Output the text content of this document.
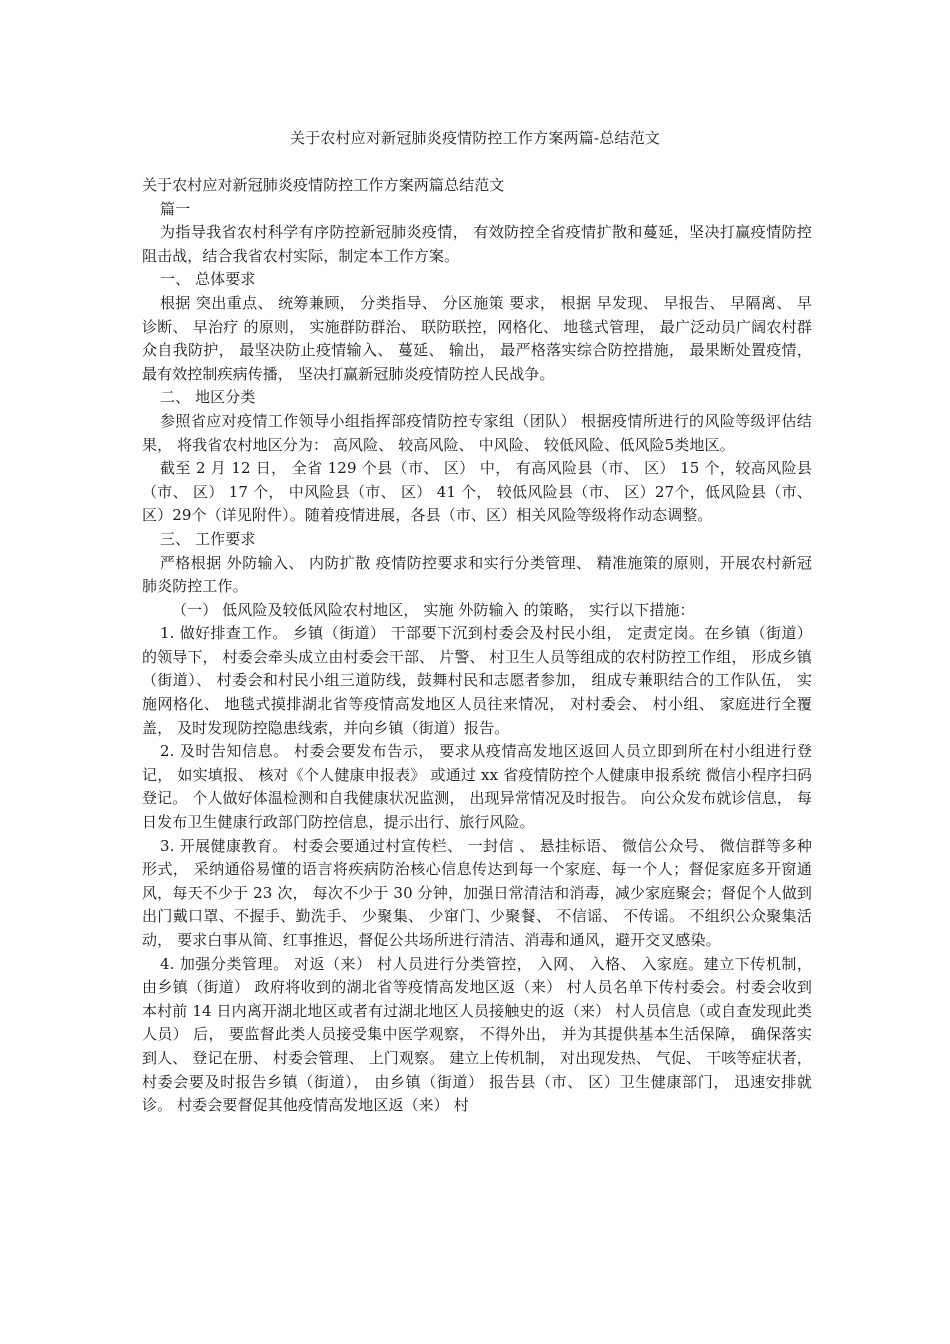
关于农村应对新冠肺炎疫情防控工作方案两篇-总结范文

关于农村应对新冠肺炎疫情防控工作方案两篇总结范文

篇一

为指导我省农村科学有序防控新冠肺炎疫情， 有效防控全省疫情扩散和蔓延，坚决打赢疫情防控阻击战，结合我省农村实际，制定本工作方案。

一、 总体要求

根据 突出重点、 统筹兼顾， 分类指导、 分区施策 要求， 根据 早发现、 早报告、 早隔离、 早诊断、 早治疗 的原则， 实施群防群治、 联防联控，网格化、 地毯式管理， 最广泛动员广阔农村群众自我防护， 最坚决防止疫情输入、 蔓延、 输出， 最严格落实综合防控措施， 最果断处置疫情， 最有效控制疾病传播， 坚决打赢新冠肺炎疫情防控人民战争。

二、 地区分类

参照省应对疫情工作领导小组指挥部疫情防控专家组（团队） 根据疫情所进行的风险等级评估结果， 将我省农村地区分为： 高风险、 较高风险、 中风险、 较低风险、低风险5类地区。

截至 2 月 12 日， 全省 129 个县（市、 区） 中， 有高风险县（市、 区） 15 个，较高风险县（市、 区） 17 个， 中风险县（市、 区） 41 个， 较低风险县（市、 区）27个，低风险县（市、区）29个（详见附件）。随着疫情进展，各县（市、区）相关风险等级将作动态调整。

三、 工作要求

严格根据 外防输入、 内防扩散 疫情防控要求和实行分类管理、 精准施策的原则，开展农村新冠肺炎防控工作。

（一） 低风险及较低风险农村地区， 实施 外防输入 的策略， 实行以下措施：

1. 做好排查工作。 乡镇（街道） 干部要下沉到村委会及村民小组， 定责定岗。在乡镇（街道） 的领导下， 村委会牵头成立由村委会干部、 片警、 村卫生人员等组成的农村防控工作组， 形成乡镇（街道）、 村委会和村民小组三道防线，鼓舞村民和志愿者参加， 组成专兼职结合的工作队伍， 实施网格化、 地毯式摸排湖北省等疫情高发地区人员往来情况， 对村委会、 村小组、 家庭进行全覆盖， 及时发现防控隐患线索，并向乡镇（街道）报告。

2. 及时告知信息。 村委会要发布告示， 要求从疫情高发地区返回人员立即到所在村小组进行登记， 如实填报、 核对《个人健康申报表》 或通过 xx 省疫情防控个人健康申报系统 微信小程序扫码登记。 个人做好体温检测和自我健康状况监测， 出现异常情况及时报告。 向公众发布就诊信息， 每日发布卫生健康行政部门防控信息，提示出行、旅行风险。

3. 开展健康教育。 村委会要通过村宣传栏、 一封信 、 悬挂标语、 微信公众号、 微信群等多种形式， 采纳通俗易懂的语言将疾病防治核心信息传达到每一个家庭、每一个人；督促家庭多开窗通风，每天不少于 23 次， 每次不少于 30 分钟，加强日常清洁和消毒，减少家庭聚会；督促个人做到出门戴口罩、不握手、勤洗手、 少聚集、 少窜门、少聚餐、 不信谣、 不传谣。 不组织公众聚集活动， 要求白事从简、红事推迟，督促公共场所进行清洁、消毒和通风，避开交叉感染。

4. 加强分类管理。 对返（来） 村人员进行分类管控， 入网、 入格、 入家庭。建立下传机制， 由乡镇（街道） 政府将收到的湖北省等疫情高发地区返（来） 村人员名单下传村委会。村委会收到本村前 14 日内离开湖北地区或者有过湖北地区人员接触史的返（来） 村人员信息（或自查发现此类人员） 后， 要监督此类人员接受集中医学观察， 不得外出， 并为其提供基本生活保障， 确保落实到人、 登记在册、 村委会管理、 上门观察。 建立上传机制， 对出现发热、 气促、 干咳等症状者， 村委会要及时报告乡镇（街道）， 由乡镇（街道） 报告县（市、 区）卫生健康部门， 迅速安排就诊。 村委会要督促其他疫情高发地区返（来） 村
